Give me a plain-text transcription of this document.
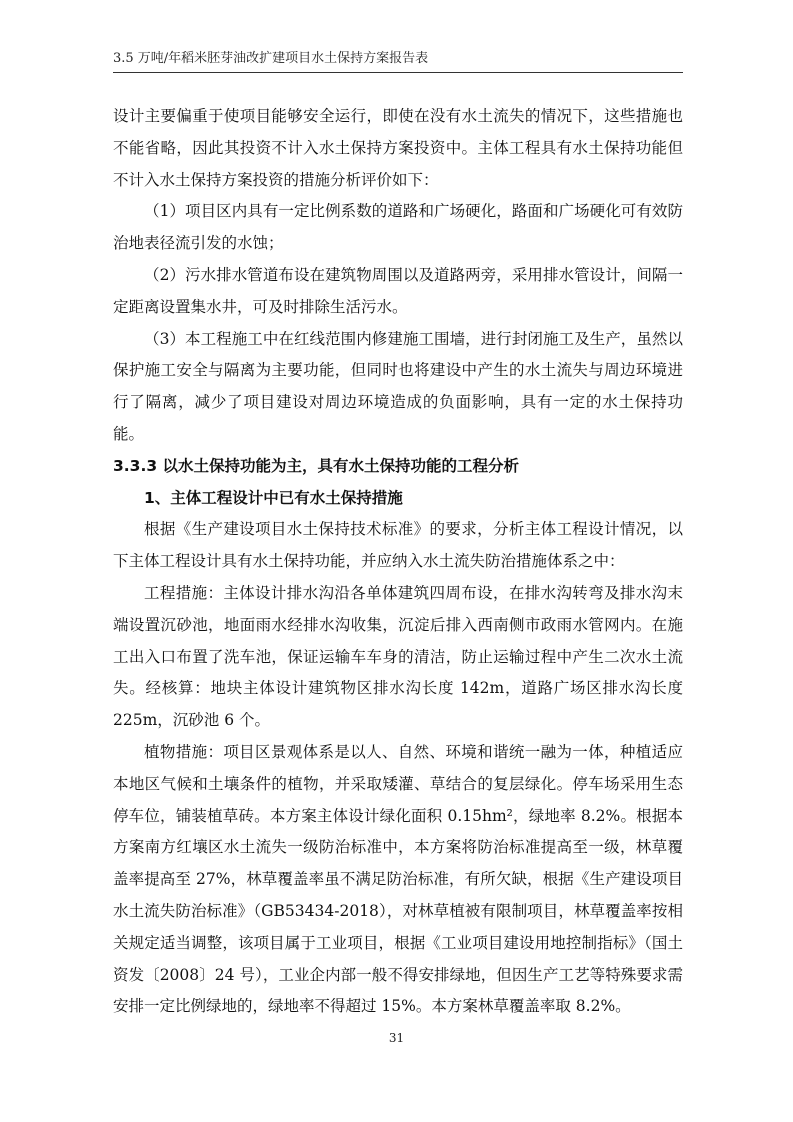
3.5 万吨/年稻米胚芽油改扩建项目水土保持方案报告表

设计主要偏重于使项目能够安全运行，即使在没有水土流失的情况下，这些措施也不能省略，因此其投资不计入水土保持方案投资中。主体工程具有水土保持功能但不计入水土保持方案投资的措施分析评价如下：

（1）项目区内具有一定比例系数的道路和广场硬化，路面和广场硬化可有效防治地表径流引发的水蚀；

（2）污水排水管道布设在建筑物周围以及道路两旁，采用排水管设计，间隔一定距离设置集水井，可及时排除生活污水。

（3）本工程施工中在红线范围内修建施工围墙，进行封闭施工及生产，虽然以保护施工安全与隔离为主要功能，但同时也将建设中产生的水土流失与周边环境进行了隔离，减少了项目建设对周边环境造成的负面影响，具有一定的水土保持功能。

3.3.3 以水土保持功能为主，具有水土保持功能的工程分析
1、主体工程设计中已有水土保持措施

根据《生产建设项目水土保持技术标准》的要求，分析主体工程设计情况，以下主体工程设计具有水土保持功能，并应纳入水土流失防治措施体系之中：

工程措施：主体设计排水沟沿各单体建筑四周布设，在排水沟转弯及排水沟末端设置沉砂池，地面雨水经排水沟收集，沉淀后排入西南侧市政雨水管网内。在施工出入口布置了洗车池，保证运输车车身的清洁，防止运输过程中产生二次水土流失。经核算：地块主体设计建筑物区排水沟长度 142m，道路广场区排水沟长度 225m，沉砂池 6 个。

植物措施：项目区景观体系是以人、自然、环境和谐统一融为一体，种植适应本地区气候和土壤条件的植物，并采取矮灌、草结合的复层绿化。停车场采用生态停车位，铺装植草砖。本方案主体设计绿化面积 0.15hm²，绿地率 8.2%。根据本方案南方红壤区水土流失一级防治标准中，本方案将防治标准提高至一级，林草覆盖率提高至 27%，林草覆盖率虽不满足防治标准，有所欠缺，根据《生产建设项目水土流失防治标准》（GB53434-2018），对林草植被有限制项目，林草覆盖率按相关规定适当调整，该项目属于工业项目，根据《工业项目建设用地控制指标》（国土资发〔2008〕24 号），工业企内部一般不得安排绿地，但因生产工艺等特殊要求需安排一定比例绿地的，绿地率不得超过 15%。本方案林草覆盖率取 8.2%。

31
